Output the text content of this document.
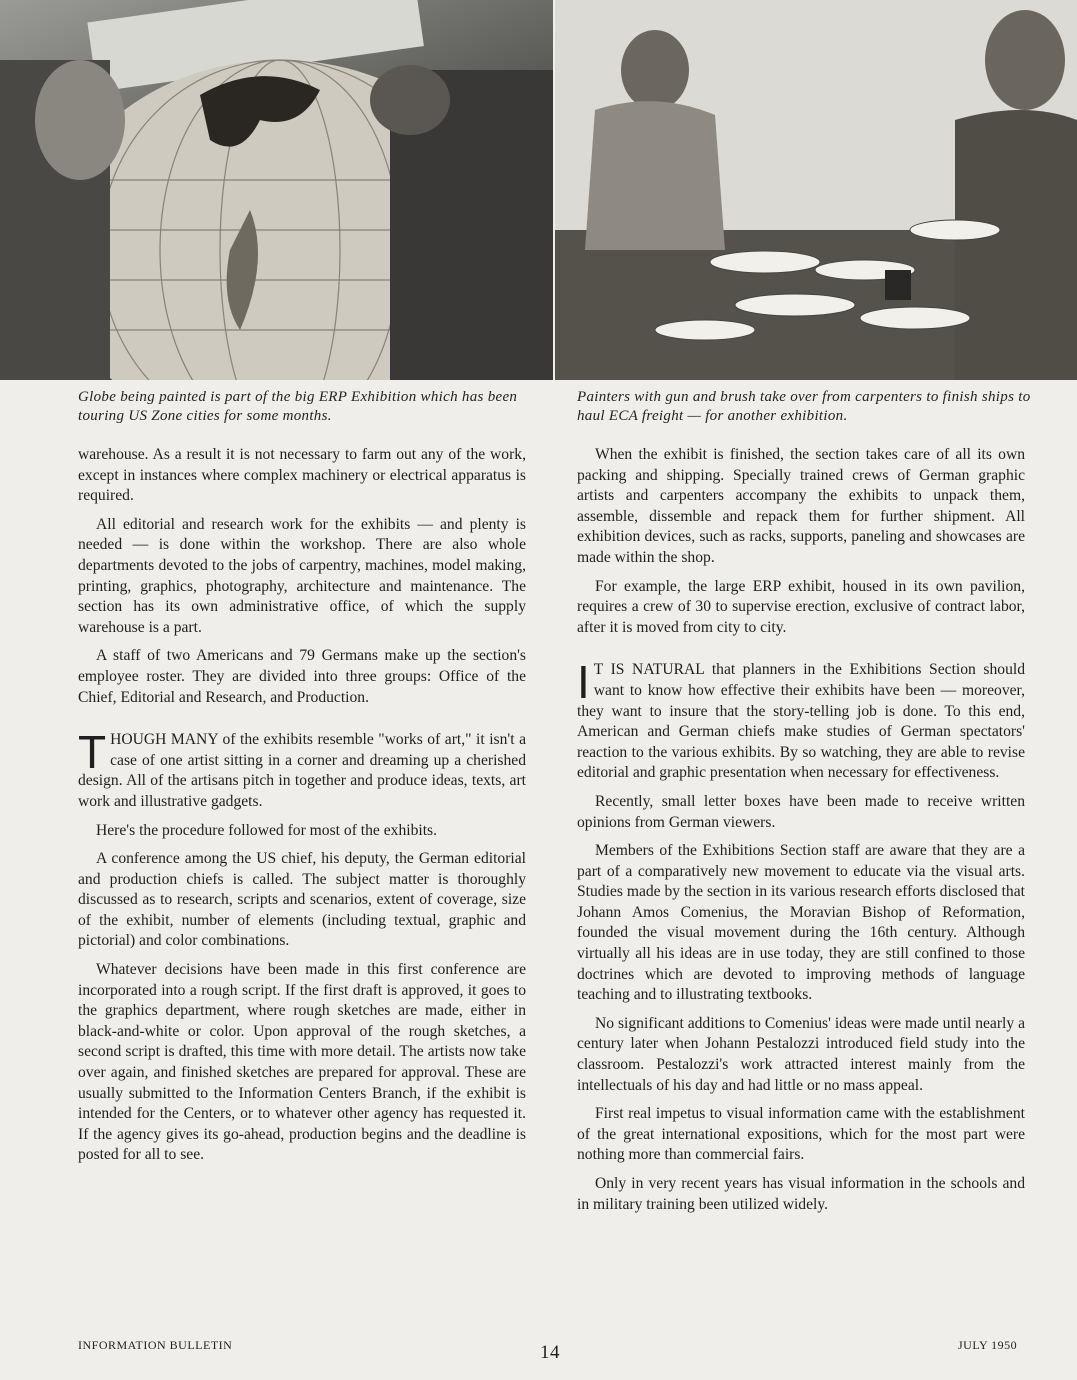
Globe being painted is part of the big ERP Exhibition which has been touring US Zone cities for some months.
Painters with gun and brush take over from carpenters to finish ships to haul ECA freight — for another exhibition.

warehouse. As a result it is not necessary to farm out any of the work, except in instances where complex machinery or electrical apparatus is required.

All editorial and research work for the exhibits — and plenty is needed — is done within the workshop. There are also whole departments devoted to the jobs of carpentry, machines, model making, printing, graphics, photography, architecture and maintenance. The section has its own administrative office, of which the supply warehouse is a part.

A staff of two Americans and 79 Germans make up the section's employee roster. They are divided into three groups: Office of the Chief, Editorial and Research, and Production.

THOUGH MANY of the exhibits resemble "works of art," it isn't a case of one artist sitting in a corner and dreaming up a cherished design. All of the artisans pitch in together and produce ideas, texts, art work and illustrative gadgets.

Here's the procedure followed for most of the exhibits.

A conference among the US chief, his deputy, the German editorial and production chiefs is called. The subject matter is thoroughly discussed as to research, scripts and scenarios, extent of coverage, size of the exhibit, number of elements (including textual, graphic and pictorial) and color combinations.

Whatever decisions have been made in this first conference are incorporated into a rough script. If the first draft is approved, it goes to the graphics department, where rough sketches are made, either in black-and-white or color. Upon approval of the rough sketches, a second script is drafted, this time with more detail. The artists now take over again, and finished sketches are prepared for approval. These are usually submitted to the Information Centers Branch, if the exhibit is intended for the Centers, or to whatever other agency has requested it. If the agency gives its go-ahead, production begins and the deadline is posted for all to see.

When the exhibit is finished, the section takes care of all its own packing and shipping. Specially trained crews of German graphic artists and carpenters accompany the exhibits to unpack them, assemble, dissemble and repack them for further shipment. All exhibition devices, such as racks, supports, paneling and showcases are made within the shop.

For example, the large ERP exhibit, housed in its own pavilion, requires a crew of 30 to supervise erection, exclusive of contract labor, after it is moved from city to city.

I T IS NATURAL that planners in the Exhibitions Section should want to know how effective their exhibits have been — moreover, they want to insure that the story-telling job is done. To this end, American and German chiefs make studies of German spectators' reaction to the various exhibits. By so watching, they are able to revise editorial and graphic presentation when necessary for effectiveness.

Recently, small letter boxes have been made to receive written opinions from German viewers.

Members of the Exhibitions Section staff are aware that they are a part of a comparatively new movement to educate via the visual arts. Studies made by the section in its various research efforts disclosed that Johann Amos Comenius, the Moravian Bishop of Reformation, founded the visual movement during the 16th century. Although virtually all his ideas are in use today, they are still confined to those doctrines which are devoted to improving methods of language teaching and to illustrating textbooks.

No significant additions to Comenius' ideas were made until nearly a century later when Johann Pestalozzi introduced field study into the classroom. Pestalozzi's work attracted interest mainly from the intellectuals of his day and had little or no mass appeal.

First real impetus to visual information came with the establishment of the great international expositions, which for the most part were nothing more than commercial fairs.

Only in very recent years has visual information in the schools and in military training been utilized widely.

INFORMATION BULLETIN	14	JULY 1950
